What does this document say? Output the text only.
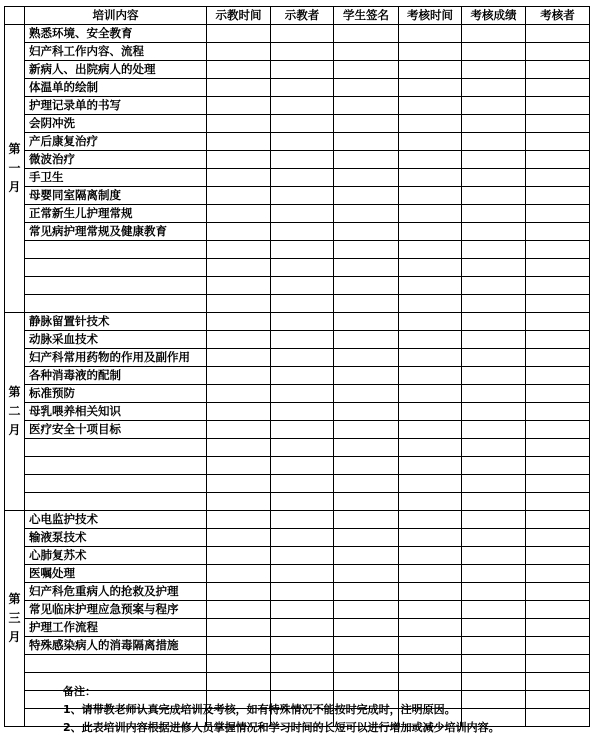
	培训内容	示教时间	示教者	学生签名	考核时间	考核成绩	考核者

第
一
月	熟悉环境、安全教育						
	妇产科工作内容、流程						
	新病人、出院病人的处理						
	体温单的绘制						
	护理记录单的书写						
	会阴冲洗						
	产后康复治疗						
	微波治疗						
	手卫生						
	母婴同室隔离制度						
	正常新生儿护理常规						
	常见病护理常规及健康教育						

第
二
月	静脉留置针技术						
	动脉采血技术						
	妇产科常用药物的作用及副作用						
	各种消毒液的配制						
	标准预防						
	母乳喂养相关知识						
	医疗安全十项目标						

第
三
月	心电监护技术						
	输液泵技术						
	心肺复苏术						
	医嘱处理						
	妇产科危重病人的抢救及护理						
	常见临床护理应急预案与程序						
	护理工作流程						
	特殊感染病人的消毒隔离措施						

备注：
1、请带教老师认真完成培训及考核，如有特殊情况不能按时完成时，注明原因。
2、此表培训内容根据进修人员掌握情况和学习时间的长短可以进行增加或减少培训内容。
